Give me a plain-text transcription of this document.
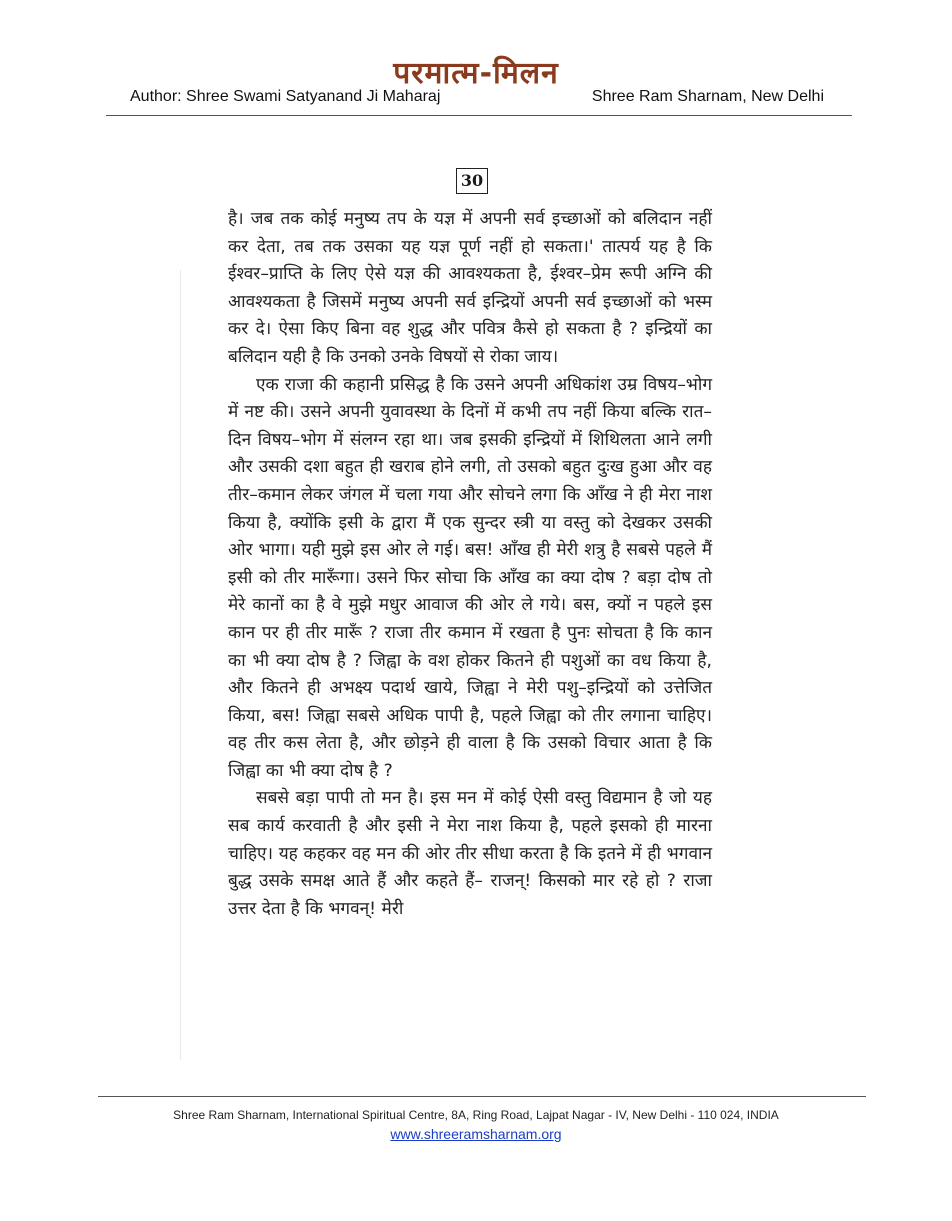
परमात्म-मिलन
Author: Shree Swami Satyanand Ji Maharaj	Shree Ram Sharnam, New Delhi
30

है। जब तक कोई मनुष्य तप के यज्ञ में अपनी सर्व इच्छाओं को बलिदान नहीं कर देता, तब तक उसका यह यज्ञ पूर्ण नहीं हो सकता।' तात्पर्य यह है कि ईश्वर–प्राप्ति के लिए ऐसे यज्ञ की आवश्यकता है, ईश्वर–प्रेम रूपी अग्नि की आवश्यकता है जिसमें मनुष्य अपनी सर्व इन्द्रियों अपनी सर्व इच्छाओं को भस्म कर दे। ऐसा किए बिना वह शुद्ध और पवित्र कैसे हो सकता है ? इन्द्रियों का बलिदान यही है कि उनको उनके विषयों से रोका जाय।

एक राजा की कहानी प्रसिद्ध है कि उसने अपनी अधिकांश उम्र विषय–भोग में नष्ट की। उसने अपनी युवावस्था के दिनों में कभी तप नहीं किया बल्कि रात–दिन विषय–भोग में संलग्न रहा था। जब इसकी इन्द्रियों में शिथिलता आने लगी और उसकी दशा बहुत ही खराब होने लगी, तो उसको बहुत दुःख हुआ और वह तीर–कमान लेकर जंगल में चला गया और सोचने लगा कि आँख ने ही मेरा नाश किया है, क्योंकि इसी के द्वारा मैं एक सुन्दर स्त्री या वस्तु को देखकर उसकी ओर भागा। यही मुझे इस ओर ले गई। बस! आँख ही मेरी शत्रु है सबसे पहले मैं इसी को तीर मारूँगा। उसने फिर सोचा कि आँख का क्या दोष ? बड़ा दोष तो मेरे कानों का है वे मुझे मधुर आवाज की ओर ले गये। बस, क्यों न पहले इस कान पर ही तीर मारूँ ? राजा तीर कमान में रखता है पुनः सोचता है कि कान का भी क्या दोष है ? जिह्वा के वश होकर कितने ही पशुओं का वध किया है, और कितने ही अभक्ष्य पदार्थ खाये, जिह्वा ने मेरी पशु–इन्द्रियों को उत्तेजित किया, बस! जिह्वा सबसे अधिक पापी है, पहले जिह्वा को तीर लगाना चाहिए। वह तीर कस लेता है, और छोड़ने ही वाला है कि उसको विचार आता है कि जिह्वा का भी क्या दोष है ?

सबसे बड़ा पापी तो मन है। इस मन में कोई ऐसी वस्तु विद्यमान है जो यह सब कार्य करवाती है और इसी ने मेरा नाश किया है, पहले इसको ही मारना चाहिए। यह कहकर वह मन की ओर तीर सीधा करता है कि इतने में ही भगवान बुद्ध उसके समक्ष आते हैं और कहते हैं– राजन्! किसको मार रहे हो ? राजा उत्तर देता है कि भगवन्! मेरी

Shree Ram Sharnam, International Spiritual Centre, 8A, Ring Road, Lajpat Nagar - IV, New Delhi - 110 024, INDIA
www.shreeramsharnam.org
